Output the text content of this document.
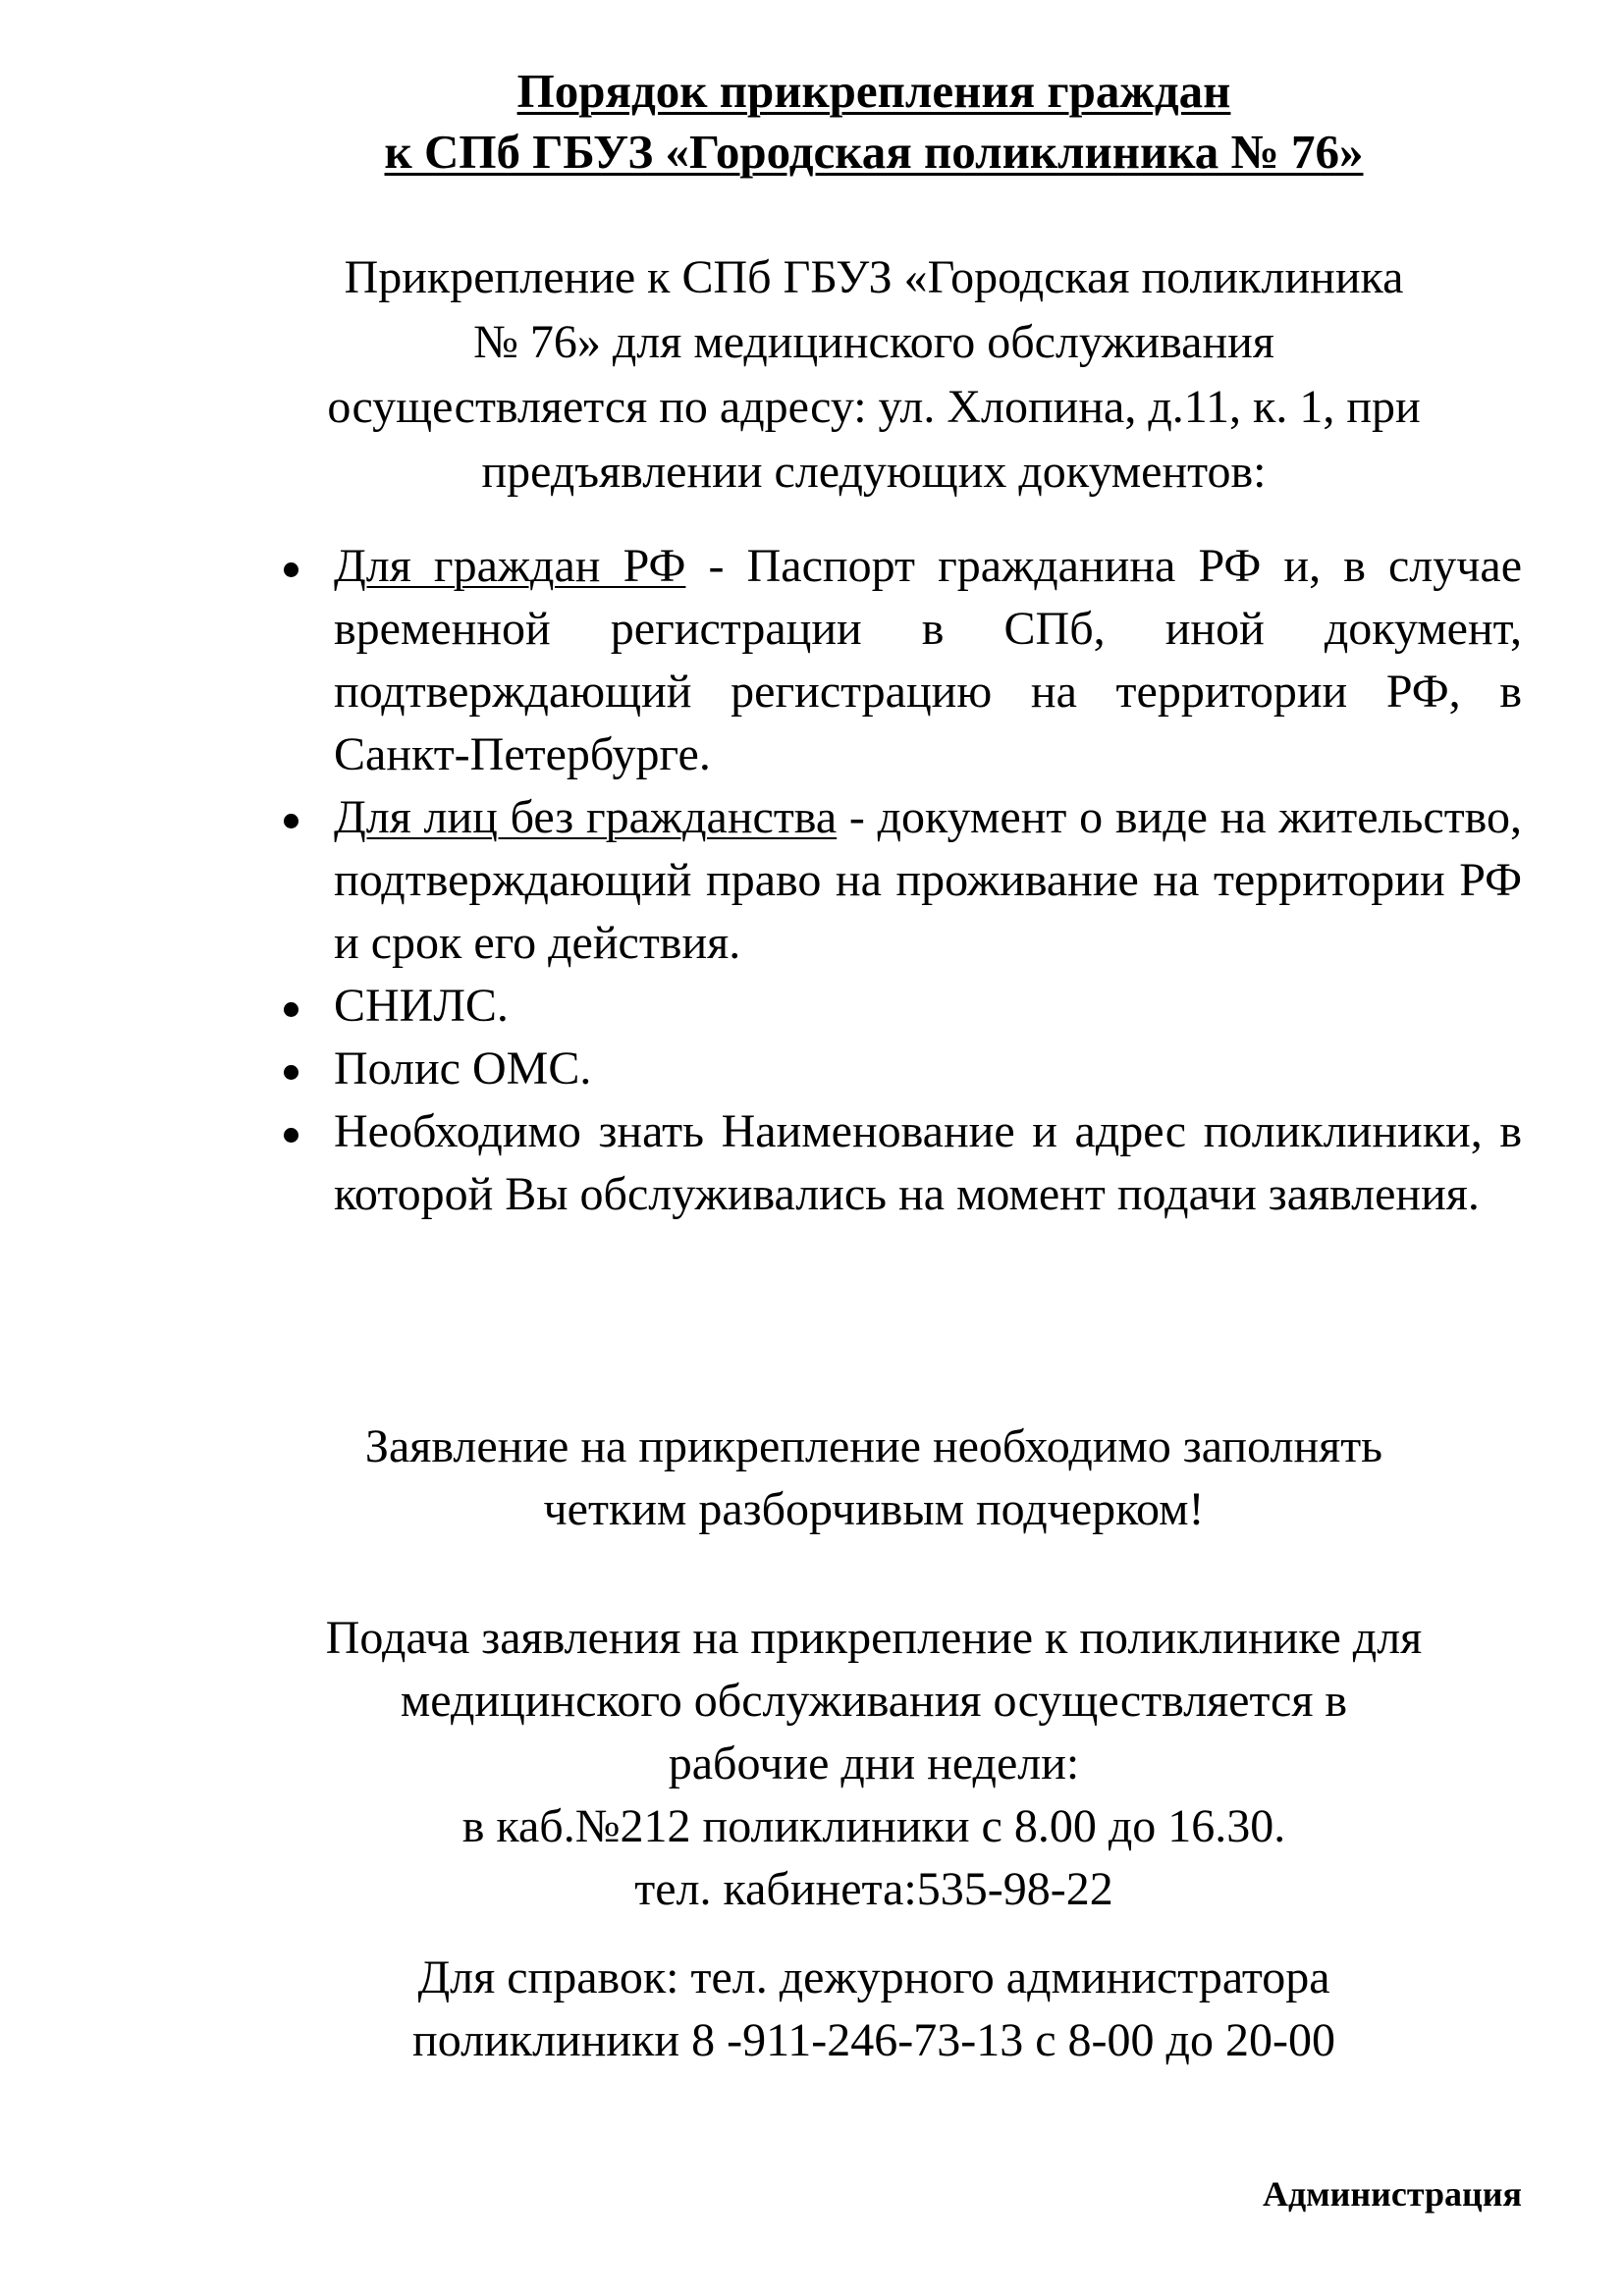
Порядок прикрепления граждан
к СПб ГБУЗ «Городская поликлиника № 76»
Прикрепление к СПб ГБУЗ «Городская поликлиника
№ 76» для медицинского обслуживания
осуществляется по адресу: ул. Хлопина, д.11, к. 1, при
предъявлении следующих документов:
Для граждан РФ - Паспорт гражданина РФ и, в случае временной регистрации в СПб, иной документ, подтверждающий регистрацию на территории РФ, в Санкт-Петербурге.
Для лиц без гражданства - документ о виде на жительство, подтверждающий право на проживание на территории РФ и срок его действия.
СНИЛС.
Полис ОМС.
Необходимо знать Наименование и адрес поликлиники, в которой Вы обслуживались на момент подачи заявления.
Заявление на прикрепление необходимо заполнять
четким разборчивым подчерком!
Подача заявления на прикрепление к поликлинике для
медицинского обслуживания осуществляется в
рабочие дни недели:
в каб.№212 поликлиники с 8.00 до 16.30.
тел. кабинета:535-98-22
Для справок: тел. дежурного администратора
поликлиники 8 -911-246-73-13 с 8-00 до 20-00
Администрация
